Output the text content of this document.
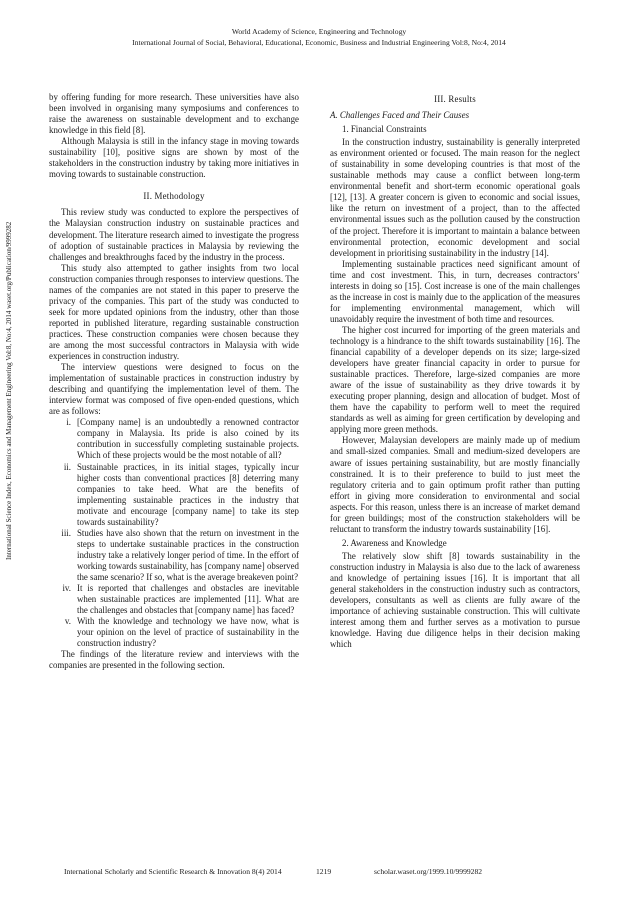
World Academy of Science, Engineering and Technology
International Journal of Social, Behavioral, Educational, Economic, Business and Industrial Engineering Vol:8, No:4, 2014
International Science Index, Economics and Management Engineering Vol:8, No:4, 2014 waset.org/Publication/9999282

by offering funding for more research. These universities have also been involved in organising many symposiums and conferences to raise the awareness on sustainable development and to exchange knowledge in this field [8].

Although Malaysia is still in the infancy stage in moving towards sustainability [10], positive signs are shown by most of the stakeholders in the construction industry by taking more initiatives in moving towards to sustainable construction.

II. Methodology

This review study was conducted to explore the perspectives of the Malaysian construction industry on sustainable practices and development. The literature research aimed to investigate the progress of adoption of sustainable practices in Malaysia by reviewing the challenges and breakthroughs faced by the industry in the process.

This study also attempted to gather insights from two local construction companies through responses to interview questions. The names of the companies are not stated in this paper to preserve the privacy of the companies. This part of the study was conducted to seek for more updated opinions from the industry, other than those reported in published literature, regarding sustainable construction practices. These construction companies were chosen because they are among the most successful contractors in Malaysia with wide experiences in construction industry.

The interview questions were designed to focus on the implementation of sustainable practices in construction industry by describing and quantifying the implementation level of them. The interview format was composed of five open-ended questions, which are as follows:

i. [Company name] is an undoubtedly a renowned contractor company in Malaysia. Its pride is also coined by its contribution in successfully completing sustainable projects. Which of these projects would be the most notable of all?
ii. Sustainable practices, in its initial stages, typically incur higher costs than conventional practices [8] deterring many companies to take heed. What are the benefits of implementing sustainable practices in the industry that motivate and encourage [company name] to take its step towards sustainability?
iii. Studies have also shown that the return on investment in the steps to undertake sustainable practices in the construction industry take a relatively longer period of time. In the effort of working towards sustainability, has [company name] observed the same scenario? If so, what is the average breakeven point?
iv. It is reported that challenges and obstacles are inevitable when sustainable practices are implemented [11]. What are the challenges and obstacles that [company name] has faced?
v. With the knowledge and technology we have now, what is your opinion on the level of practice of sustainability in the construction industry?

The findings of the literature review and interviews with the companies are presented in the following section.

III. Results
A. Challenges Faced and Their Causes
1. Financial Constraints

In the construction industry, sustainability is generally interpreted as environment oriented or focused. The main reason for the neglect of sustainability in some developing countries is that most of the sustainable methods may cause a conflict between long-term environmental benefit and short-term economic operational goals [12], [13]. A greater concern is given to economic and social issues, like the return on investment of a project, than to the affected environmental issues such as the pollution caused by the construction of the project. Therefore it is important to maintain a balance between environmental protection, economic development and social development in prioritising sustainability in the industry [14].

Implementing sustainable practices need significant amount of time and cost investment. This, in turn, decreases contractors’ interests in doing so [15]. Cost increase is one of the main challenges as the increase in cost is mainly due to the application of the measures for implementing environmental management, which will unavoidably require the investment of both time and resources.

The higher cost incurred for importing of the green materials and technology is a hindrance to the shift towards sustainability [16]. The financial capability of a developer depends on its size; large-sized developers have greater financial capacity in order to pursue for sustainable practices. Therefore, large-sized companies are more aware of the issue of sustainability as they drive towards it by executing proper planning, design and allocation of budget. Most of them have the capability to perform well to meet the required standards as well as aiming for green certification by developing and applying more green methods.

However, Malaysian developers are mainly made up of medium and small-sized companies. Small and medium-sized developers are aware of issues pertaining sustainability, but are mostly financially constrained. It is to their preference to build to just meet the regulatory criteria and to gain optimum profit rather than putting effort in giving more consideration to environmental and social aspects. For this reason, unless there is an increase of market demand for green buildings; most of the construction stakeholders will be reluctant to transform the industry towards sustainability [16].

2. Awareness and Knowledge

The relatively slow shift [8] towards sustainability in the construction industry in Malaysia is also due to the lack of awareness and knowledge of pertaining issues [16]. It is important that all general stakeholders in the construction industry such as contractors, developers, consultants as well as clients are fully aware of the importance of achieving sustainable construction. This will cultivate interest among them and further serves as a motivation to pursue knowledge. Having due diligence helps in their decision making which

International Scholarly and Scientific Research & Innovation 8(4) 2014	1219	scholar.waset.org/1999.10/9999282
